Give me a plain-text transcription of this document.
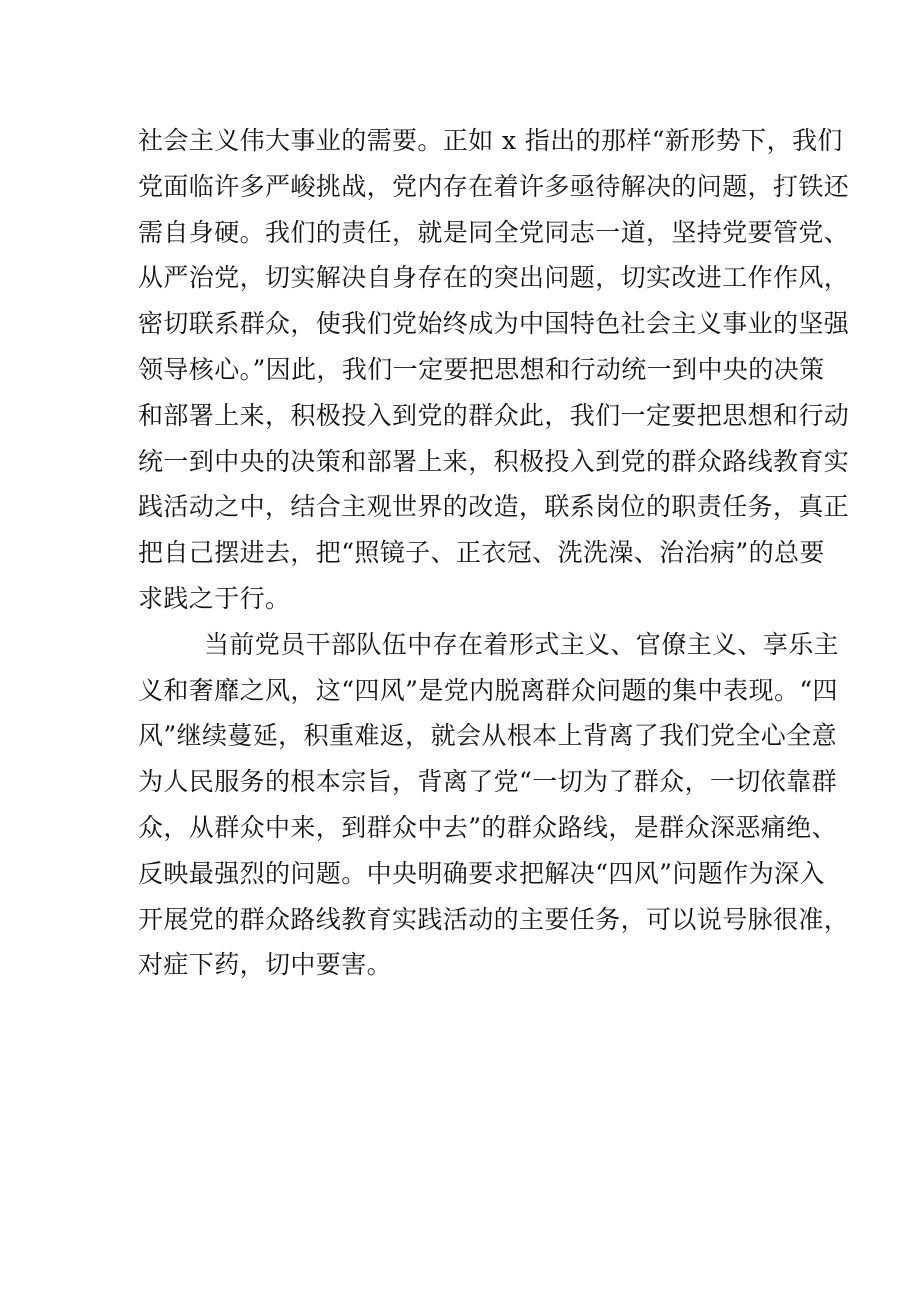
社会主义伟大事业的需要。正如 x 指出的那样“新形势下，我们
党面临许多严峻挑战，党内存在着许多亟待解决的问题，打铁还
需自身硬。我们的责任，就是同全党同志一道，坚持党要管党、
从严治党，切实解决自身存在的突出问题，切实改进工作作风，
密切联系群众，使我们党始终成为中国特色社会主义事业的坚强
领导核心。”因此，我们一定要把思想和行动统一到中央的决策
和部署上来，积极投入到党的群众此，我们一定要把思想和行动
统一到中央的决策和部署上来，积极投入到党的群众路线教育实
践活动之中，结合主观世界的改造，联系岗位的职责任务，真正
把自己摆进去，把“照镜子、正衣冠、洗洗澡、治治病”的总要
求践之于行。
当前党员干部队伍中存在着形式主义、官僚主义、享乐主
义和奢靡之风，这“四风”是党内脱离群众问题的集中表现。“四
风”继续蔓延，积重难返，就会从根本上背离了我们党全心全意
为人民服务的根本宗旨，背离了党“一切为了群众，一切依靠群
众，从群众中来，到群众中去”的群众路线，是群众深恶痛绝、
反映最强烈的问题。中央明确要求把解决“四风”问题作为深入
开展党的群众路线教育实践活动的主要任务，可以说号脉很准，
对症下药，切中要害。
